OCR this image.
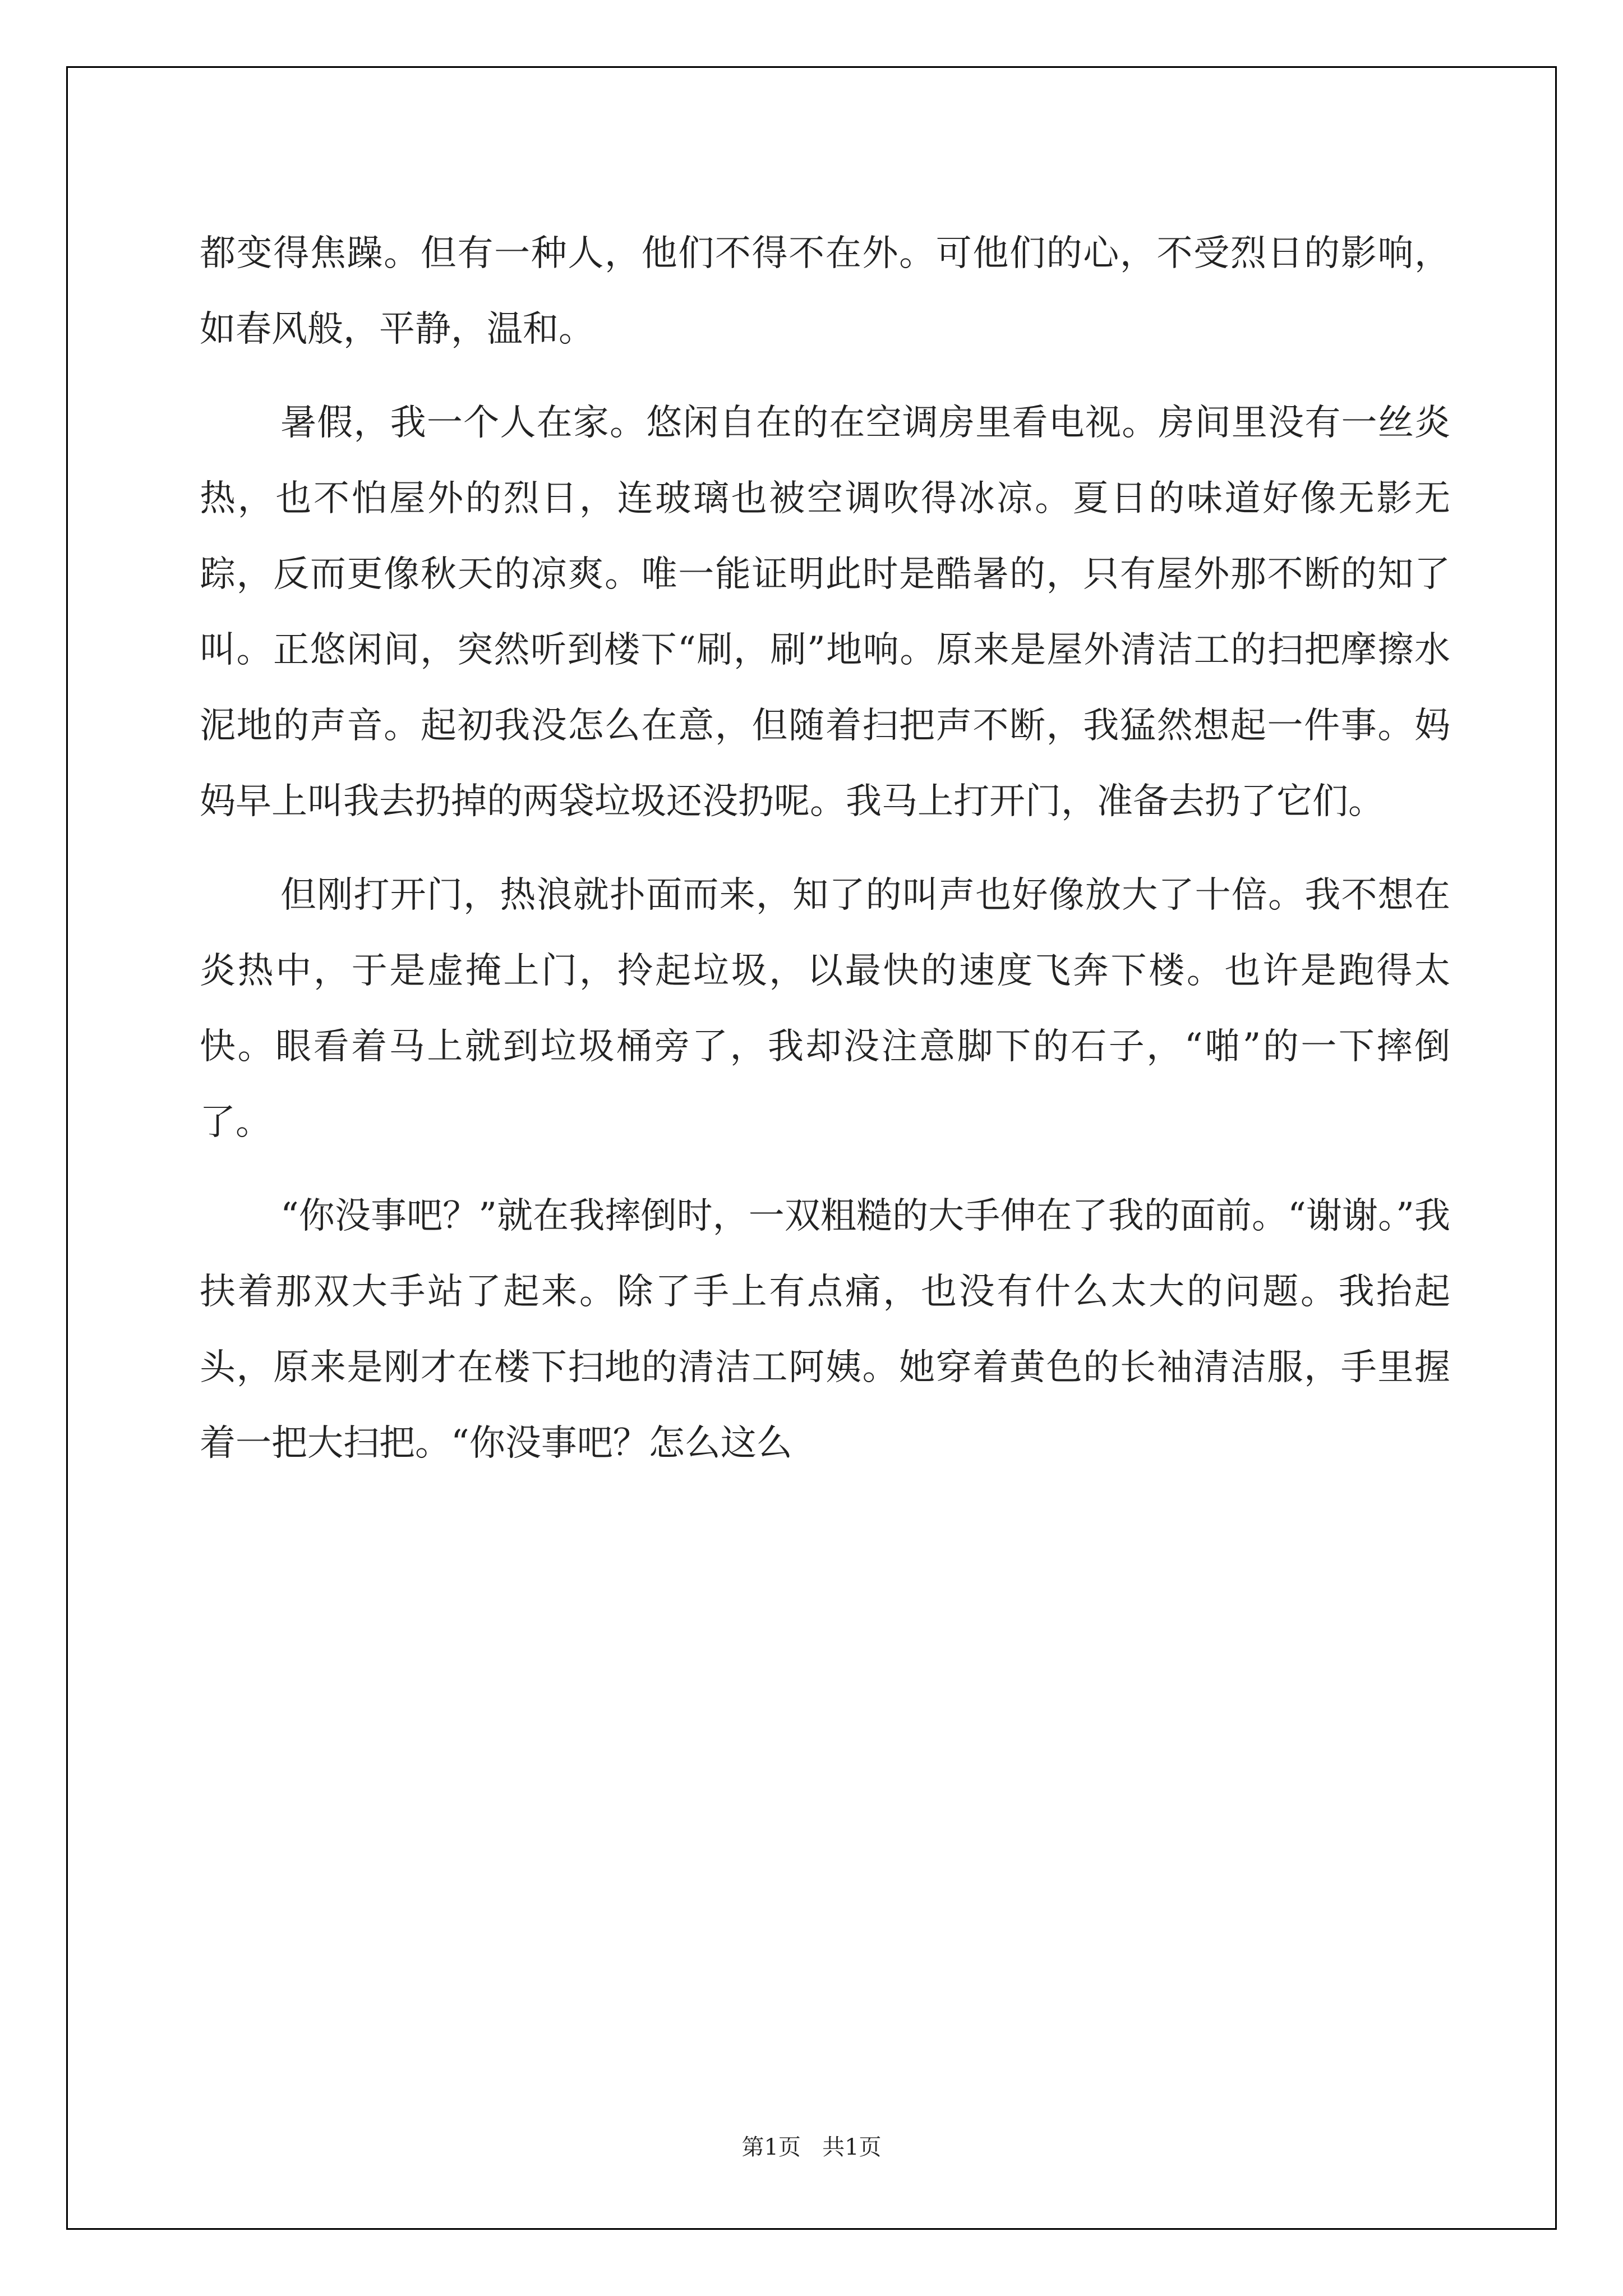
都变得焦躁。但有一种人，他们不得不在外。可他们的心，不受烈日的影响，如春风般，平静，温和。

暑假，我一个人在家。悠闲自在的在空调房里看电视。房间里没有一丝炎热，也不怕屋外的烈日，连玻璃也被空调吹得冰凉。夏日的味道好像无影无踪，反而更像秋天的凉爽。唯一能证明此时是酷暑的，只有屋外那不断的知了叫。正悠闲间，突然听到楼下“刷，刷”地响。原来是屋外清洁工的扫把摩擦水泥地的声音。起初我没怎么在意，但随着扫把声不断，我猛然想起一件事。妈妈早上叫我去扔掉的两袋垃圾还没扔呢。我马上打开门，准备去扔了它们。

但刚打开门，热浪就扑面而来，知了的叫声也好像放大了十倍。我不想在炎热中，于是虚掩上门，拎起垃圾，以最快的速度飞奔下楼。也许是跑得太快。眼看着马上就到垃圾桶旁了，我却没注意脚下的石子，“啪”的一下摔倒了。

“你没事吧？”就在我摔倒时，一双粗糙的大手伸在了我的面前。“谢谢。”我扶着那双大手站了起来。除了手上有点痛，也没有什么太大的问题。我抬起头，原来是刚才在楼下扫地的清洁工阿姨。她穿着黄色的长袖清洁服，手里握着一把大扫把。“你没事吧？怎么这么

第1页 共1页
